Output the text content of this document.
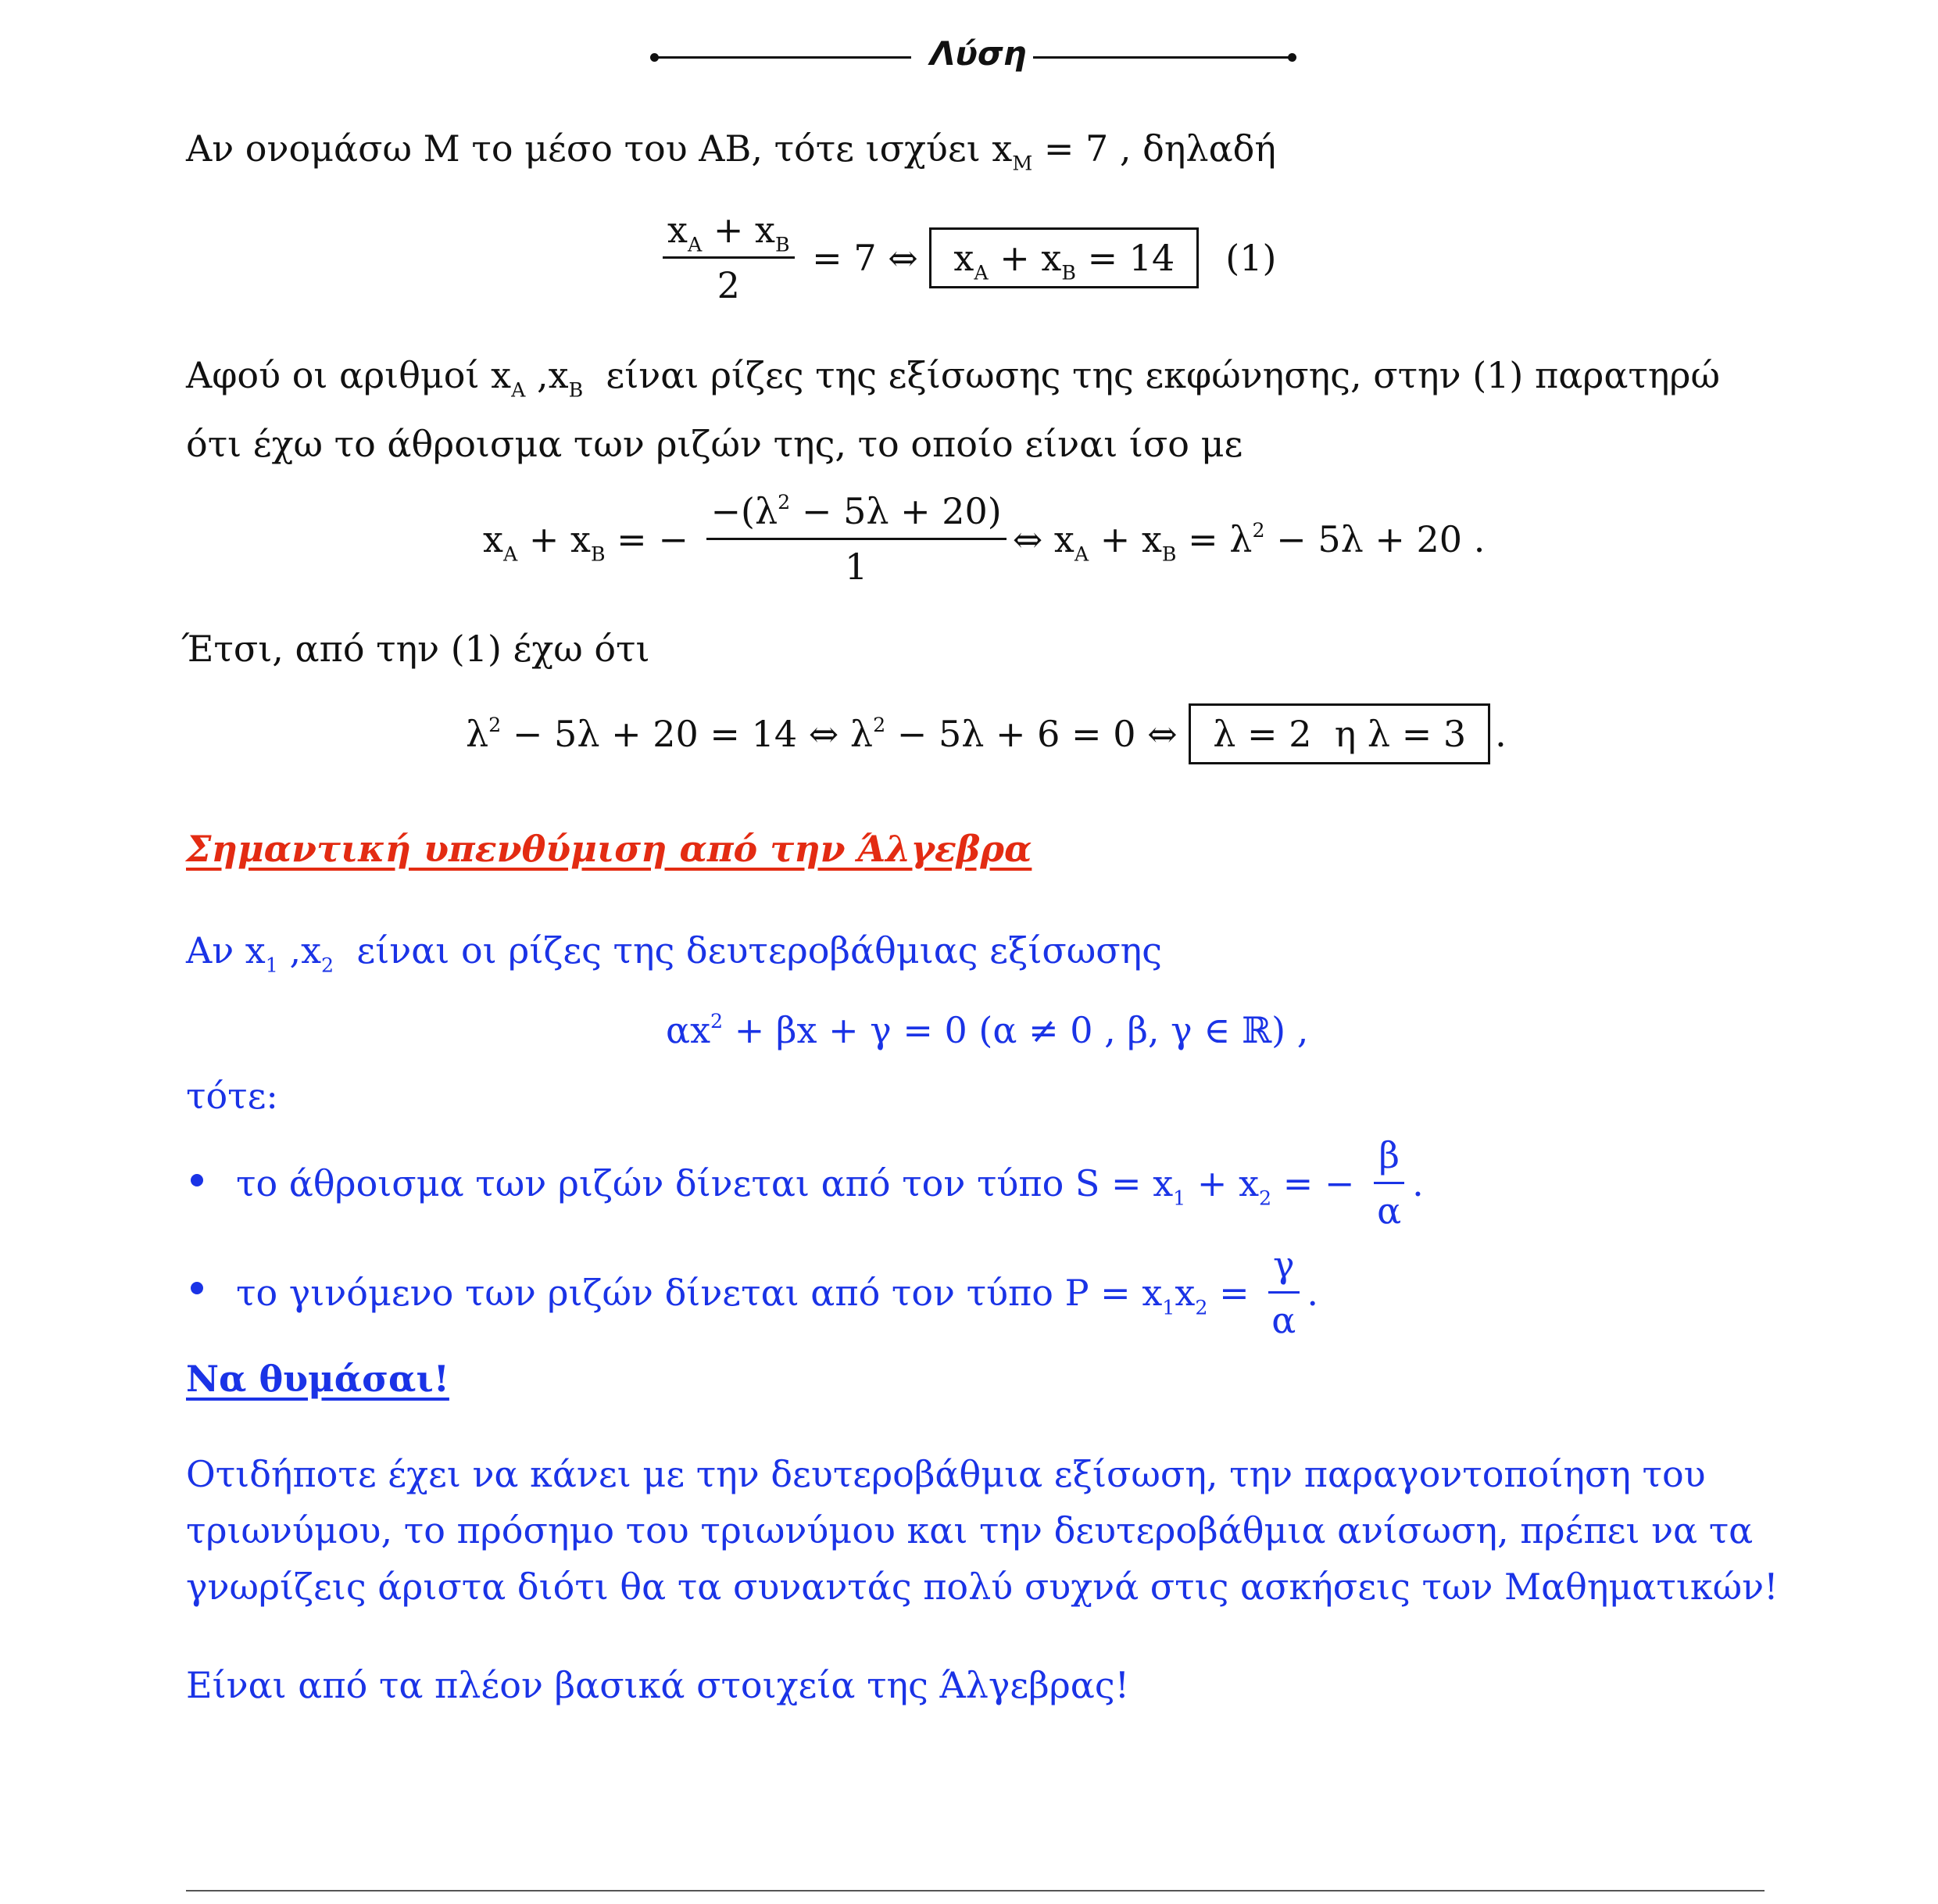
Λύση
Αν ονομάσω Μ το μέσο του ΑΒ, τότε ισχύει $x_M = 7$ , δηλαδή
$\frac{x_A + x_B}{2} = 7$ ⇔ $x_A + x_B = 14$	(1)
Αφού οι αριθμοί $x_A$ $,x_B$  είναι ρίζες της εξίσωσης της εκφώνησης, στην (1) παρατηρώ
ότι έχω το άθροισμα των ριζών της, το οποίο είναι ίσο με
$x_A + x_B$ = − $\frac{-(\lambda^2 - 5\lambda + 20)}{1}$ ⇔ $x_A + x_B = \lambda^2 - 5\lambda + 20$ .
Έτσι, από την (1) έχω ότι
$\lambda^2 - 5\lambda + 20 = 14$ ⇔ $\lambda^2 - 5\lambda + 6 = 0$ ⇔ λ = 2  η λ = 3 .
Σημαντική υπενθύμιση από την Άλγεβρα
Αν $x_1$ $,x_2$  είναι οι ρίζες της δευτεροβάθμιας εξίσωσης
$\alpha x^2 + \beta x + \gamma = 0$ (α ≠ 0 , β, γ ∈ ℝ) ,
τότε:
το άθροισμα των ριζών δίνεται από τον τύπο $S = x_1 + x_2$ = − $\frac{\beta}{\alpha}$ .
το γινόμενο των ριζών δίνεται από τον τύπο $P = x_1x_2 = \frac{\gamma}{\alpha}$ .
Να θυμάσαι!
Οτιδήποτε έχει να κάνει με την δευτεροβάθμια εξίσωση, την παραγοντοποίηση του
τριωνύμου, το πρόσημο του τριωνύμου και την δευτεροβάθμια ανίσωση, πρέπει να τα
γνωρίζεις άριστα διότι θα τα συναντάς πολύ συχνά στις ασκήσεις των Μαθηματικών!
Είναι από τα πλέον βασικά στοιχεία της Άλγεβρας!
